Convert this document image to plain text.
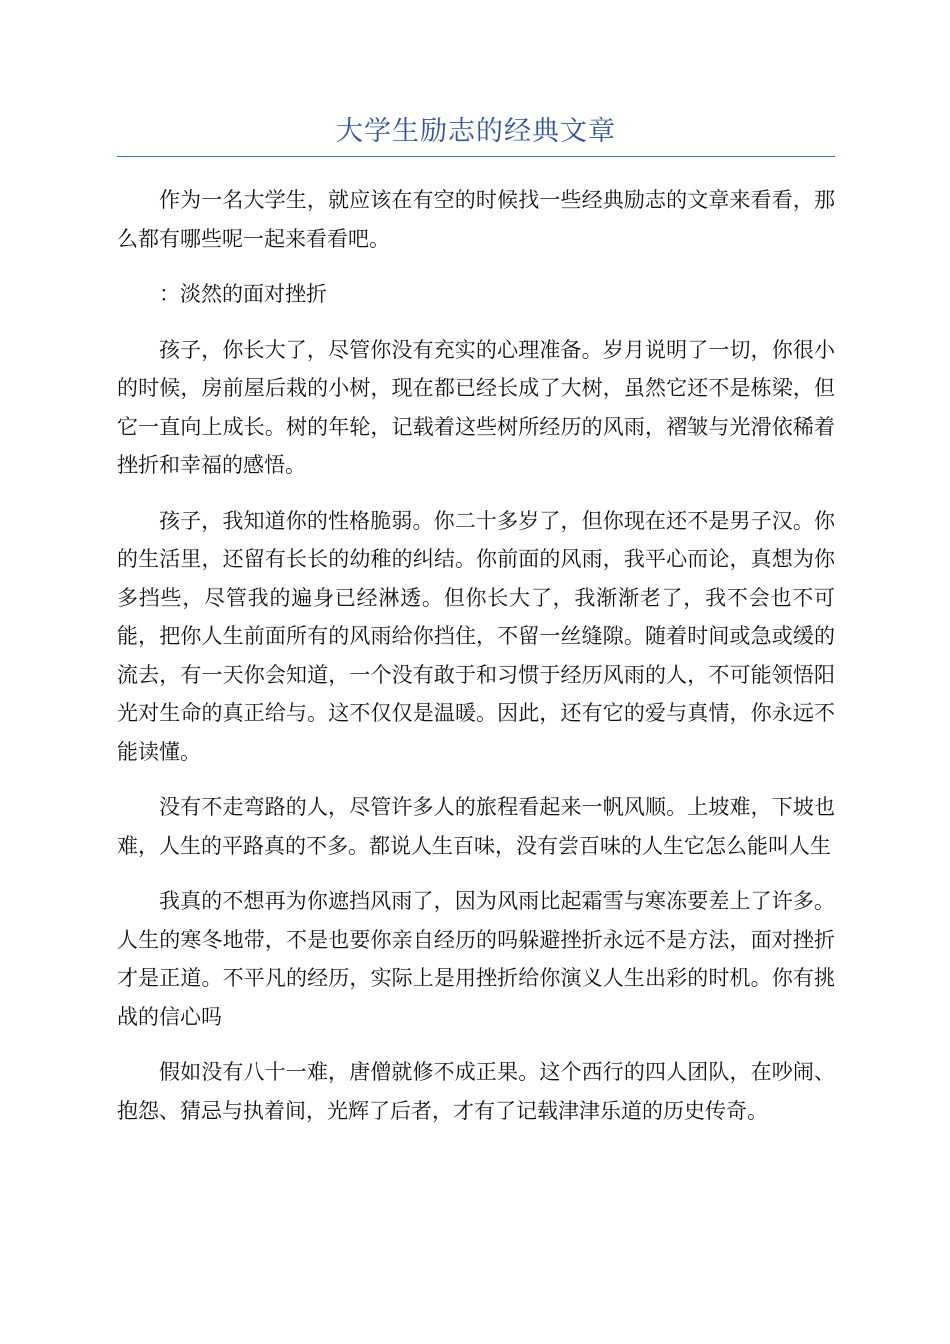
大学生励志的经典文章

作为一名大学生，就应该在有空的时候找一些经典励志的文章来看看，那么都有哪些呢一起来看看吧。

：淡然的面对挫折

孩子，你长大了，尽管你没有充实的心理准备。岁月说明了一切，你很小的时候，房前屋后栽的小树，现在都已经长成了大树，虽然它还不是栋梁，但它一直向上成长。树的年轮，记载着这些树所经历的风雨，褶皱与光滑依稀着挫折和幸福的感悟。

孩子，我知道你的性格脆弱。你二十多岁了，但你现在还不是男子汉。你的生活里，还留有长长的幼稚的纠结。你前面的风雨，我平心而论，真想为你多挡些，尽管我的遍身已经淋透。但你长大了，我渐渐老了，我不会也不可能，把你人生前面所有的风雨给你挡住，不留一丝缝隙。随着时间或急或缓的流去，有一天你会知道，一个没有敢于和习惯于经历风雨的人，不可能领悟阳光对生命的真正给与。这不仅仅是温暖。因此，还有它的爱与真情，你永远不能读懂。

没有不走弯路的人，尽管许多人的旅程看起来一帆风顺。上坡难，下坡也难，人生的平路真的不多。都说人生百味，没有尝百味的人生它怎么能叫人生

我真的不想再为你遮挡风雨了，因为风雨比起霜雪与寒冻要差上了许多。人生的寒冬地带，不是也要你亲自经历的吗躲避挫折永远不是方法，面对挫折才是正道。不平凡的经历，实际上是用挫折给你演义人生出彩的时机。你有挑战的信心吗

假如没有八十一难，唐僧就修不成正果。这个西行的四人团队，在吵闹、抱怨、猜忌与执着间，光辉了后者，才有了记载津津乐道的历史传奇。
